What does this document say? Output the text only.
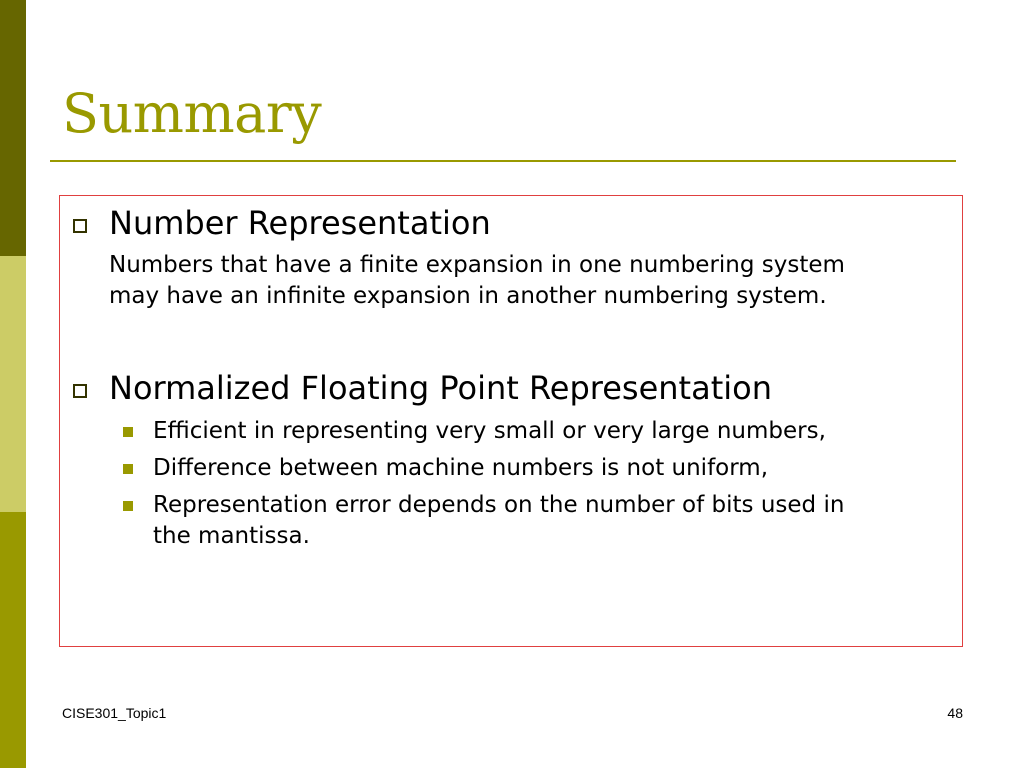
Summary
Number Representation
Numbers that have a finite expansion in one numbering system
may have an infinite expansion in another numbering system.
Normalized Floating Point Representation
Efficient in representing very small or very large numbers,
Difference between machine numbers is not uniform,
Representation error depends on the number of bits used in
the mantissa.
CISE301_Topic1	48
